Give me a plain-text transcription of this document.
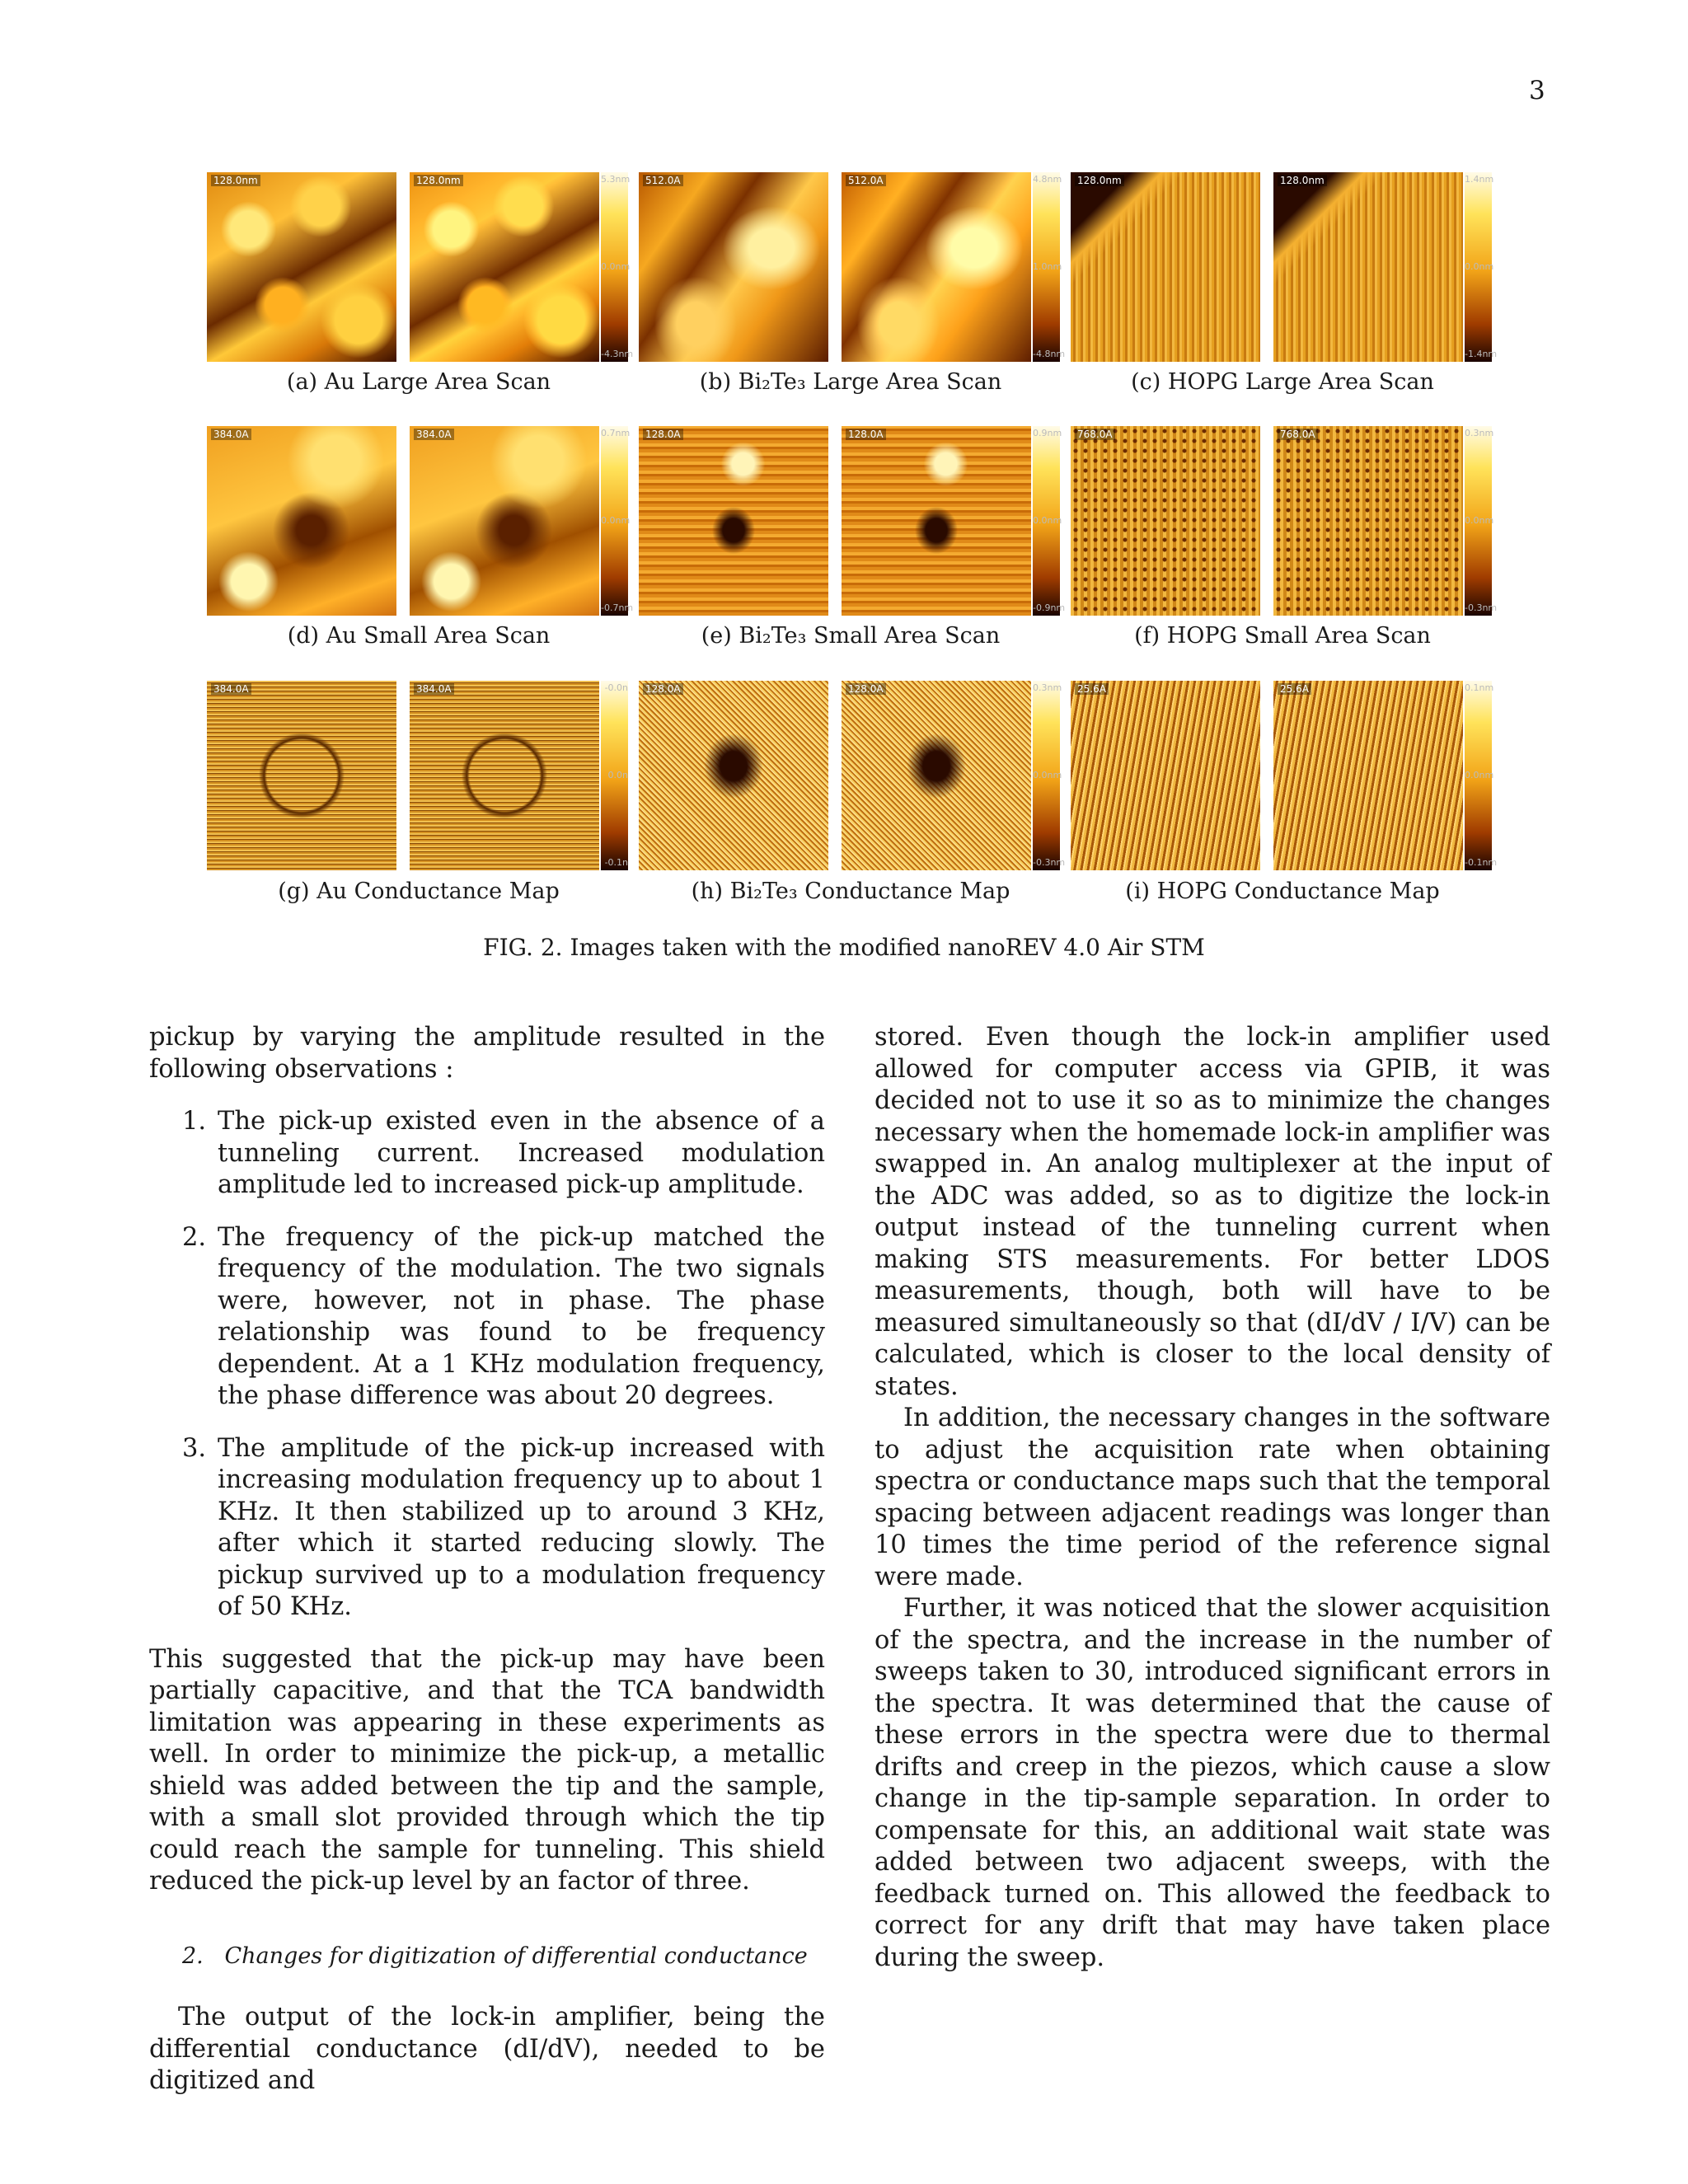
3
128.0nm	128.0nm	5.3nm
0.0nm
-4.3nm
(a) Au Large Area Scan
512.0A	512.0A	4.8nm
1.0nm
-4.8nm
(b) Bi₂Te₃ Large Area Scan
128.0nm	128.0nm	1.4nm
0.0nm
-1.4nm
(c) HOPG Large Area Scan
384.0A	384.0A	0.7nm
0.0nm
-0.7nm
(d) Au Small Area Scan
128.0A	128.0A	0.9nm
0.0nm
-0.9nm
(e) Bi₂Te₃ Small Area Scan
768.0A	768.0A	0.3nm
0.0nm
-0.3nm
(f) HOPG Small Area Scan
384.0A	384.0A	-0.0n
0.0n
-0.1n
(g) Au Conductance Map
128.0A	128.0A	0.3nm
0.0nm
-0.3nm
(h) Bi₂Te₃ Conductance Map
25.6A	25.6A	0.1nm
0.0nm
-0.1nm
(i) HOPG Conductance Map
FIG. 2. Images taken with the modified nanoREV 4.0 Air STM

pickup by varying the amplitude resulted in the following observations :

1. The pick-up existed even in the absence of a tunneling current. Increased modulation amplitude led to increased pick-up amplitude.
2. The frequency of the pick-up matched the frequency of the modulation. The two signals were, however, not in phase. The phase relationship was found to be frequency dependent. At a 1 KHz modulation frequency, the phase difference was about 20 degrees.
3. The amplitude of the pick-up increased with increasing modulation frequency up to about 1 KHz. It then stabilized up to around 3 KHz, after which it started reducing slowly. The pickup survived up to a modulation frequency of 50 KHz.

This suggested that the pick-up may have been partially capacitive, and that the TCA bandwidth limitation was appearing in these experiments as well. In order to minimize the pick-up, a metallic shield was added between the tip and the sample, with a small slot provided through which the tip could reach the sample for tunneling. This shield reduced the pick-up level by an factor of three.

2.   Changes for digitization of differential conductance

The output of the lock-in amplifier, being the differential conductance (dI/dV), needed to be digitized and

stored. Even though the lock-in amplifier used allowed for computer access via GPIB, it was decided not to use it so as to minimize the changes necessary when the homemade lock-in amplifier was swapped in. An analog multiplexer at the input of the ADC was added, so as to digitize the lock-in output instead of the tunneling current when making STS measurements. For better LDOS measurements, though, both will have to be measured simultaneously so that (dI/dV / I/V) can be calculated, which is closer to the local density of states.

In addition, the necessary changes in the software to adjust the acquisition rate when obtaining spectra or conductance maps such that the temporal spacing between adjacent readings was longer than 10 times the time period of the reference signal were made.

Further, it was noticed that the slower acquisition of the spectra, and the increase in the number of sweeps taken to 30, introduced significant errors in the spectra. It was determined that the cause of these errors in the spectra were due to thermal drifts and creep in the piezos, which cause a slow change in the tip-sample separation. In order to compensate for this, an additional wait state was added between two adjacent sweeps, with the feedback turned on. This allowed the feedback to correct for any drift that may have taken place during the sweep.
